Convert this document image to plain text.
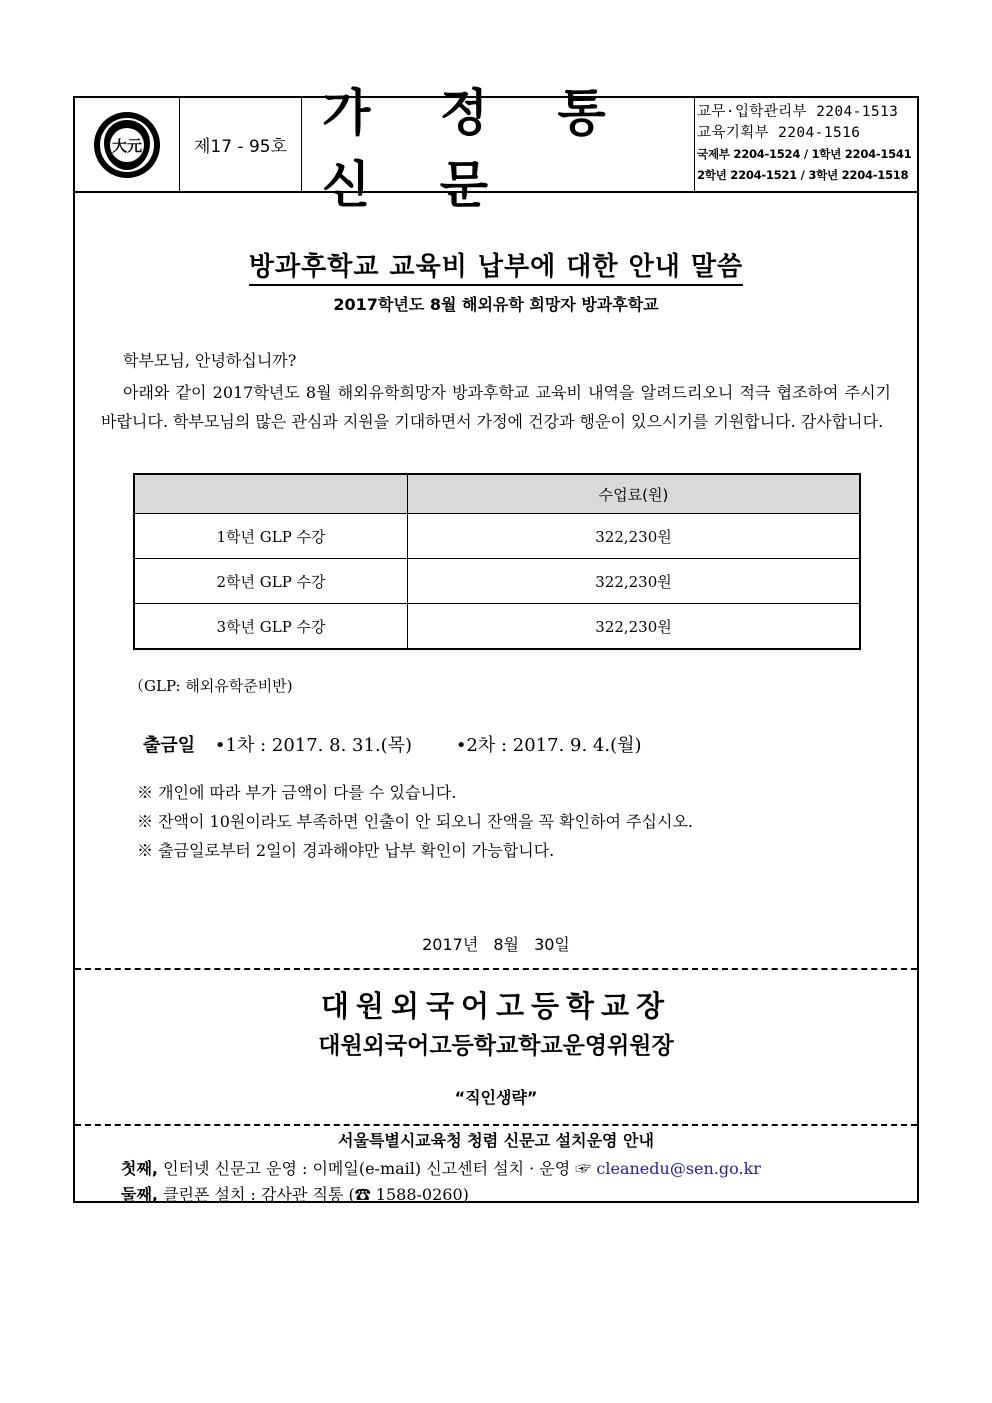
大元	제17 - 95호
가 정 통 신 문
교무·입학관리부 2204-1513
교육기획부 2204-1516
국제부 2204-1524 / 1학년 2204-1541
2학년 2204-1521 / 3학년 2204-1518
방과후학교 교육비 납부에 대한 안내 말씀
2017학년도 8월 해외유학 희망자 방과후학교
학부모님, 안녕하십니까?
아래와 같이 2017학년도 8월 해외유학희망자 방과후학교 교육비 내역을 알려드리오니 적극 협조하여 주시기 바랍니다. 학부모님의 많은 관심과 지원을 기대하면서 가정에 건강과 행운이 있으시기를 기원합니다. 감사합니다.
	수업료(원)
1학년 GLP 수강	322,230원
2학년 GLP 수강	322,230원
3학년 GLP 수강	322,230원
（GLP: 해외유학준비반)
출금일 •1차 : 2017. 8. 31.(목) •2차 : 2017. 9. 4.(월)
※ 개인에 따라 부가 금액이 다를 수 있습니다.
※ 잔액이 10원이라도 부족하면 인출이 안 되오니 잔액을 꼭 확인하여 주십시오.
※ 출금일로부터 2일이 경과해야만 납부 확인이 가능합니다.
2017년 8월 30일
대원외국어고등학교장
대원외국어고등학교학교운영위원장
“직인생략”
서울특별시교육청 청렴 신문고 설치운영 안내
첫째, 인터넷 신문고 운영 : 이메일(e-mail) 신고센터 설치 · 운영 ☞ cleanedu@sen.go.kr
둘째, 클린폰 설치 : 감사관 직통 (☎ 1588-0260)
